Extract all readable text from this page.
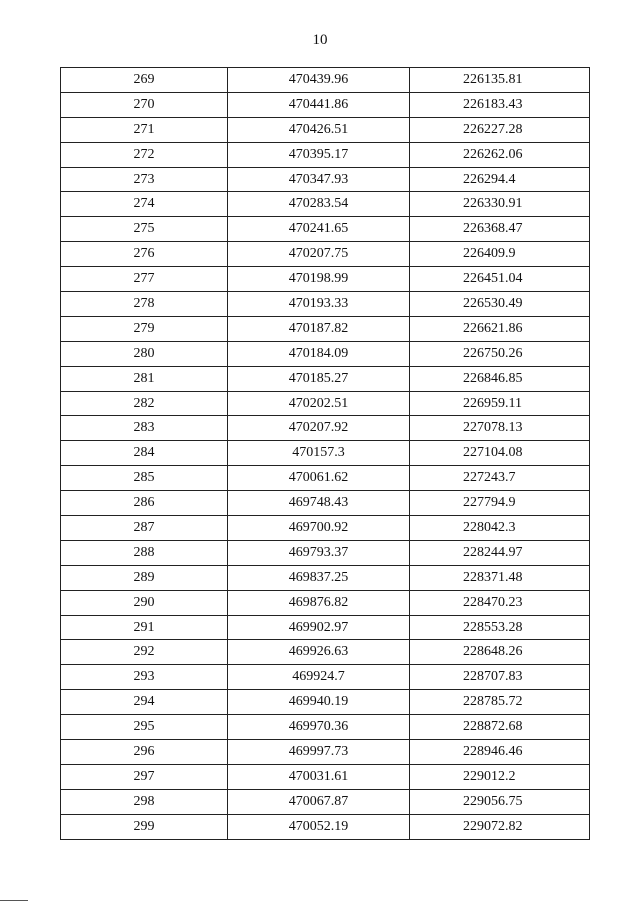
10
269	470439.96	226135.81
270	470441.86	226183.43
271	470426.51	226227.28
272	470395.17	226262.06
273	470347.93	226294.4
274	470283.54	226330.91
275	470241.65	226368.47
276	470207.75	226409.9
277	470198.99	226451.04
278	470193.33	226530.49
279	470187.82	226621.86
280	470184.09	226750.26
281	470185.27	226846.85
282	470202.51	226959.11
283	470207.92	227078.13
284	470157.3	227104.08
285	470061.62	227243.7
286	469748.43	227794.9
287	469700.92	228042.3
288	469793.37	228244.97
289	469837.25	228371.48
290	469876.82	228470.23
291	469902.97	228553.28
292	469926.63	228648.26
293	469924.7	228707.83
294	469940.19	228785.72
295	469970.36	228872.68
296	469997.73	228946.46
297	470031.61	229012.2
298	470067.87	229056.75
299	470052.19	229072.82
